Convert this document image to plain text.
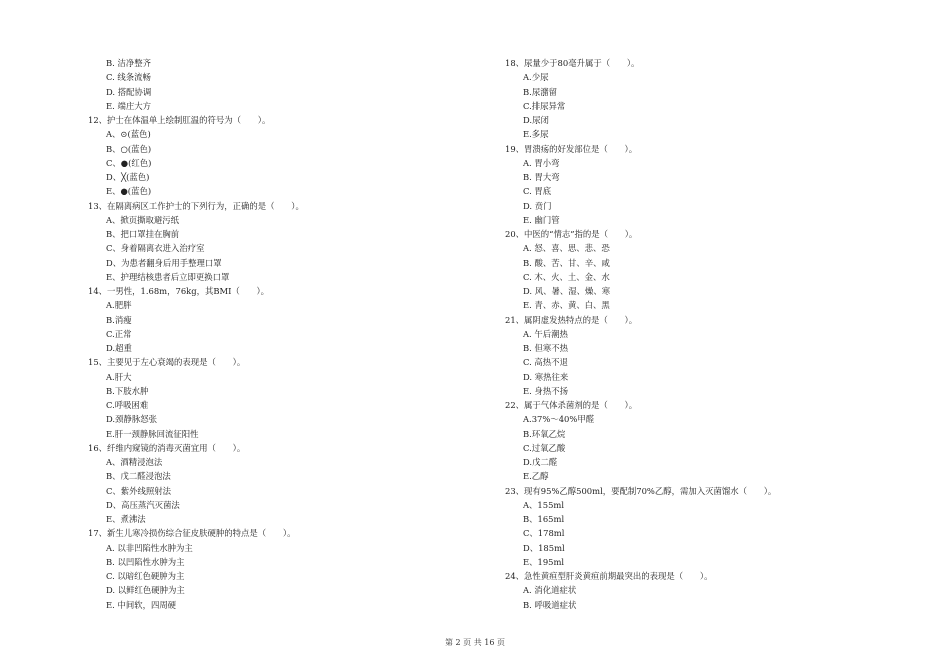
B. 洁净整齐
C. 线条流畅
D. 搭配协调
E. 端庄大方
12、护士在体温单上绘制肛温的符号为（　　）。
A、⊙(蓝色)
B、○(蓝色)
C、●(红色)
D、╳(蓝色)
E、●(蓝色)
13、在隔离病区工作护士的下列行为，正确的是（　　）。
A、掀页撕取避污纸
B、把口罩挂在胸前
C、身着隔离衣进入治疗室
D、为患者翻身后用手整理口罩
E、护理结核患者后立即更换口罩
14、一男性，1.68m，76kg，其BMI（　　）。
A.肥胖
B.消瘦
C.正常
D.超重
15、主要见于左心衰竭的表现是（　　）。
A.肝大
B.下肢水肿
C.呼吸困难
D.颈静脉怒张
E.肝一颈静脉回流征阳性
16、纤维内窥镜的消毒灭菌宜用（　　）。
A、酒精浸泡法
B、戊二醛浸泡法
C、紫外线照射法
D、高压蒸汽灭菌法
E、煮沸法
17、新生儿寒冷损伤综合征皮肤硬肿的特点是（　　）。
A. 以非凹陷性水肿为主
B. 以凹陷性水肿为主
C. 以暗红色硬肿为主
D. 以鲜红色硬肿为主
E. 中间软，四周硬
18、尿量少于80毫升属于（　　）。
A.少尿
B.尿潴留
C.排尿异常
D.尿闭
E.多尿
19、胃溃疡的好发部位是（　　）。
A. 胃小弯
B. 胃大弯
C. 胃底
D. 贲门
E. 幽门管
20、中医的“情志”指的是（　　）。
A. 怒、喜、思、悲、恐
B. 酸、苦、甘、辛、咸
C. 木、火、土、金、水
D. 风、暑、湿、燥、寒
E. 青、赤、黄、白、黑
21、属阴虚发热特点的是（　　）。
A. 午后潮热
B. 但寒不热
C. 高热不退
D. 寒热往来
E. 身热不扬
22、属于气体杀菌剂的是（　　）。
A.37%～40%甲醛
B.环氧乙烷
C.过氧乙酸
D.戊二醛
E.乙醇
23、现有95%乙醇500ml，要配制70%乙醇，需加入灭菌馏水（　　）。
A、155ml
B、165ml
C、178ml
D、185ml
E、195ml
24、急性黄疸型肝炎黄疸前期最突出的表现是（　　）。
A. 消化道症状
B. 呼吸道症状
第 2 页 共 16 页
